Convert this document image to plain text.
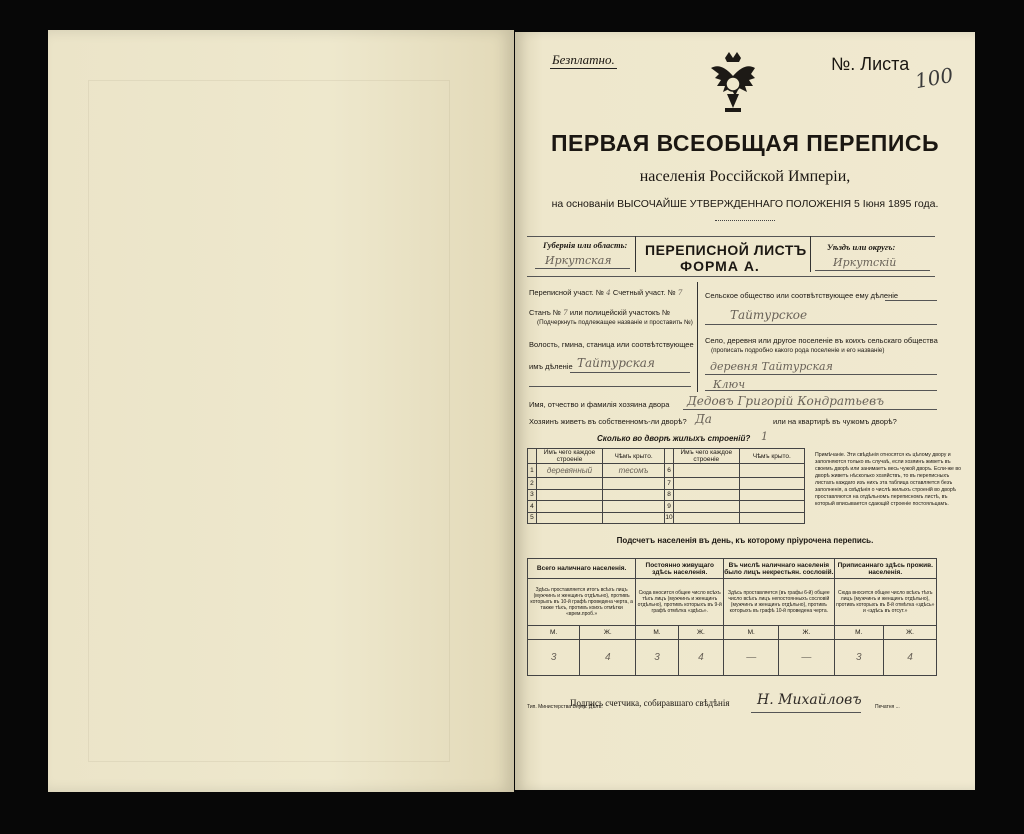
Безплатно.	№. Листа 100
ПЕРВАЯ ВСЕОБЩАЯ ПЕРЕПИСЬ
населенія Россійской Имперіи,
на основаніи ВЫСОЧАЙШЕ УТВЕРЖДЕННАГО ПОЛОЖЕНІЯ 5 Іюня 1895 года.
Губернія или область:
Иркутская
ПЕРЕПИСНОЙ ЛИСТЪ
ФОРМА А.
Уѣздъ или округъ:
Иркутскій
Переписной участ. № 4 Счетный участ. № 7
Станъ № 7 или полицейскій участокъ №
(Подчеркнуть подлежащее названіе и проставить №)
Волость, гмина, станица или соотвѣтствующее
имъ дѣленіе Тайтурская
Сельское общество или соотвѣтствующее ему дѣленіе
Тайтурское
Село, деревня или другое поселеніе въ коихъ сельскаго общества
(прописать подробно какого рода поселеніе и его названіе)
деревня Тайтурская
Ключ
Имя, отчество и фамилія хозяина двора Дедовъ Григорій Кондратьевъ
Хозяинъ живетъ въ собственномъ-ли дворѣ? Да	или на квартирѣ въ чужомъ дворѣ?
Сколько во дворѣ жилыхъ строеній? 1
	Имъ чего каждое строеніе	Чѣмъ крыто.		Имъ чего каждое строеніе	Чѣмъ крыто.
1	деревянный	тесомъ	6		
2			7		
3			8		
4			9		
5			10		
Примѣчаніе. Эти свѣдѣнія относятся къ цѣлому двору и заполняются только въ случаѣ, если хозяинъ живетъ въ своемъ дворѣ или занимаетъ весь чужой дворъ. Если-же во дворѣ живетъ нѣсколько хозяйствъ, то въ переписныхъ листахъ каждаго изъ нихъ эта таблица оставляется безъ заполненія, а свѣдѣнія о числѣ жилыхъ строеній во дворѣ проставляются на отдѣльномъ переписномъ листѣ, въ который вписывается сдающій строеніе постояльцамъ.
Подсчетъ населенія въ день, къ которому пріурочена перепись.
Всего наличнаго населенія.		Постоянно живущаго здѣсь населенія.		Въ числѣ наличнаго населенія было лицъ некрестьян. сословій.		Приписаннаго здѣсь прожив. населенія.	
Здѣсь проставляется итогъ всѣхъ лицъ (мужчинъ и женщинъ отдѣльно), противъ которыхъ въ 10-й графѣ проведена черта, а также тѣхъ, противъ коихъ отмѣтки «врем.проб.»		Сюда вносится общее число всѣхъ тѣхъ лицъ (мужчинъ и женщинъ отдѣльно), противъ которыхъ въ 9-й графѣ отмѣтка «здѣсь».		Здѣсь проставляется (въ графы 6-й) общее число всѣхъ лицъ непостоянныхъ сословій (мужчинъ и женщинъ отдѣльно), противъ которыхъ въ графѣ 10-й проведена черта.		Сюда вносится общее число всѣхъ тѣхъ лицъ (мужчинъ и женщинъ отдѣльно), противъ которыхъ въ 8-й отмѣтка «здѣсь» и «здѣсь въ отсут.»	
М.	Ж.	М.	Ж.	М.	Ж.	М.	Ж.
3	4	3	4	—	—	3	4
Подпись счетчика, собиравшаго свѣдѣнія Н. Михайловъ
Тип. Министерства Внутр. Дѣлъ.	Печатня ...
